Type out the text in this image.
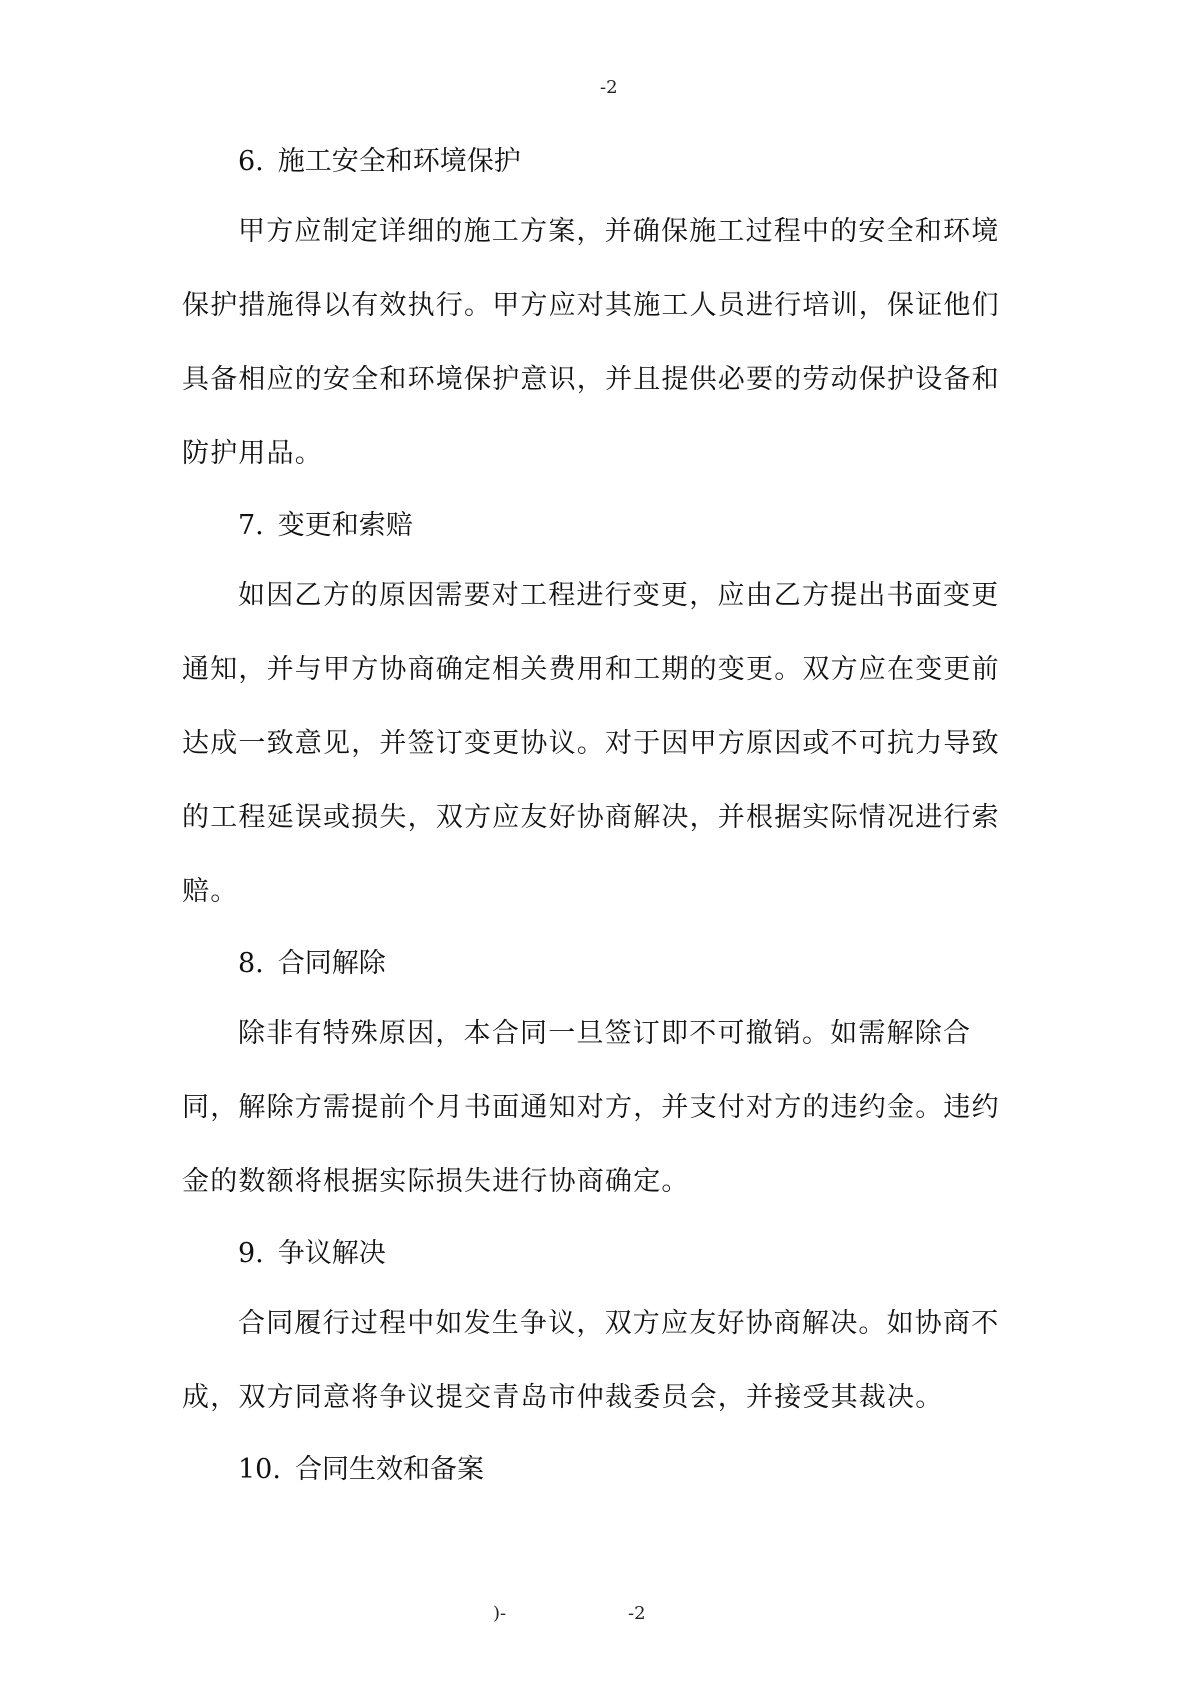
-2
6. 施工安全和环境保护
甲方应制定详细的施工方案，并确保施工过程中的安全和环境
保护措施得以有效执行。甲方应对其施工人员进行培训，保证他们
具备相应的安全和环境保护意识，并且提供必要的劳动保护设备和
防护用品。
7. 变更和索赔
如因乙方的原因需要对工程进行变更，应由乙方提出书面变更
通知，并与甲方协商确定相关费用和工期的变更。双方应在变更前
达成一致意见，并签订变更协议。对于因甲方原因或不可抗力导致
的工程延误或损失，双方应友好协商解决，并根据实际情况进行索
赔。
8. 合同解除
除非有特殊原因，本合同一旦签订即不可撤销。如需解除合
同，解除方需提前个月书面通知对方，并支付对方的违约金。违约
金的数额将根据实际损失进行协商确定。
9. 争议解决
合同履行过程中如发生争议，双方应友好协商解决。如协商不
成，双方同意将争议提交青岛市仲裁委员会，并接受其裁决。
10. 合同生效和备案
)-	-2
